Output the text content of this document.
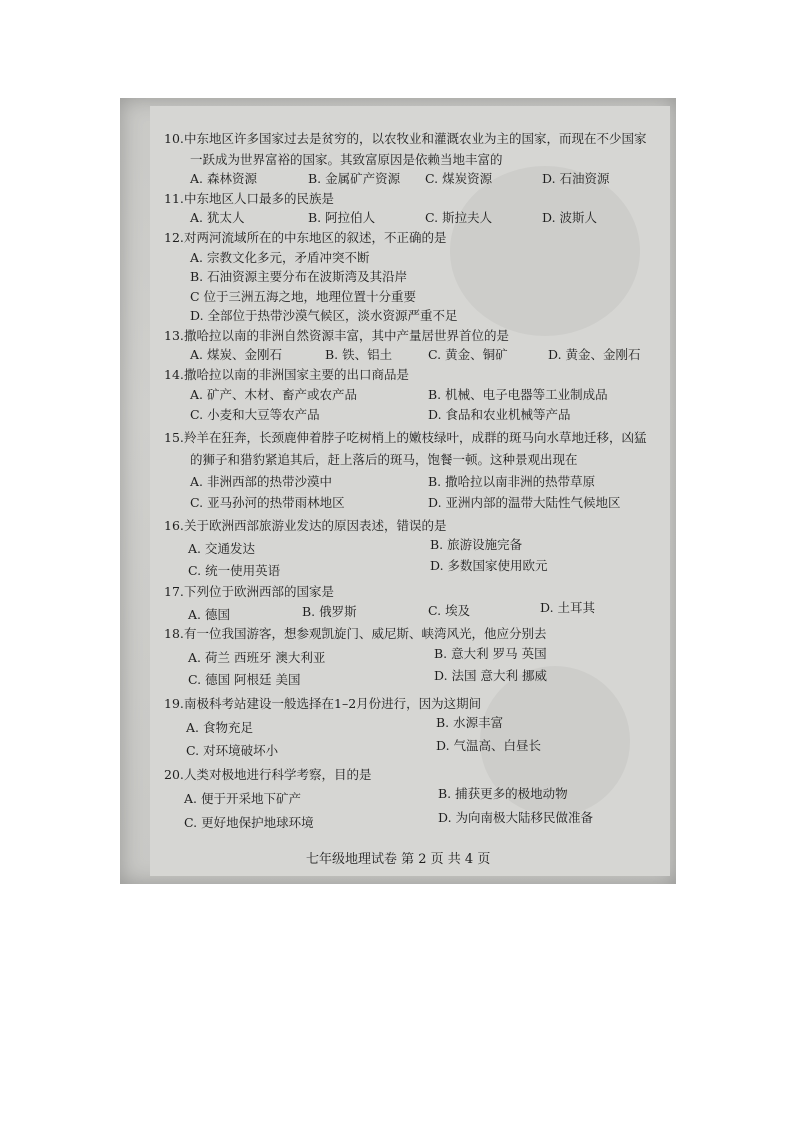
10.中东地区许多国家过去是贫穷的，以农牧业和灌溉农业为主的国家，而现在不少国家
一跃成为世界富裕的国家。其致富原因是依赖当地丰富的
A. 森林资源	B. 金属矿产资源 C. 煤炭资源	D. 石油资源
11.中东地区人口最多的民族是
A. 犹太人	B. 阿拉伯人	C. 斯拉夫人	D. 波斯人
12.对两河流域所在的中东地区的叙述，不正确的是
A. 宗教文化多元，矛盾冲突不断
B. 石油资源主要分布在波斯湾及其沿岸
C 位于三洲五海之地，地理位置十分重要
D. 全部位于热带沙漠气候区，淡水资源严重不足
13.撒哈拉以南的非洲自然资源丰富，其中产量居世界首位的是
A. 煤炭、金刚石	B. 铁、铝土	C. 黄金、铜矿	D. 黄金、金刚石
14.撒哈拉以南的非洲国家主要的出口商品是
A. 矿产、木材、畜产或农产品	B. 机械、电子电器等工业制成品
C. 小麦和大豆等农产品	D. 食品和农业机械等产品
15.羚羊在狂奔，长颈鹿伸着脖子吃树梢上的嫩枝绿叶，成群的斑马向水草地迁移，凶猛
的狮子和猎豹紧追其后，赶上落后的斑马，饱餐一顿。这种景观出现在
A. 非洲西部的热带沙漠中	B. 撒哈拉以南非洲的热带草原
C. 亚马孙河的热带雨林地区	D. 亚洲内部的温带大陆性气候地区
16.关于欧洲西部旅游业发达的原因表述，错误的是
A. 交通发达	B. 旅游设施完备
C. 统一使用英语	D. 多数国家使用欧元
17.下列位于欧洲西部的国家是
A. 德国	B. 俄罗斯	C. 埃及	D. 土耳其
18.有一位我国游客，想参观凯旋门、威尼斯、峡湾风光，他应分别去
A. 荷兰 西班牙 澳大利亚	B. 意大利 罗马 英国
C. 德国 阿根廷 美国	D. 法国 意大利 挪威
19.南极科考站建设一般选择在1–2月份进行，因为这期间
A. 食物充足	B. 水源丰富
C. 对环境破坏小	D. 气温高、白昼长
20.人类对极地进行科学考察，目的是
A. 便于开采地下矿产	B. 捕获更多的极地动物
C. 更好地保护地球环境	D. 为向南极大陆移民做准备
七年级地理试卷 第 2 页 共 4 页
